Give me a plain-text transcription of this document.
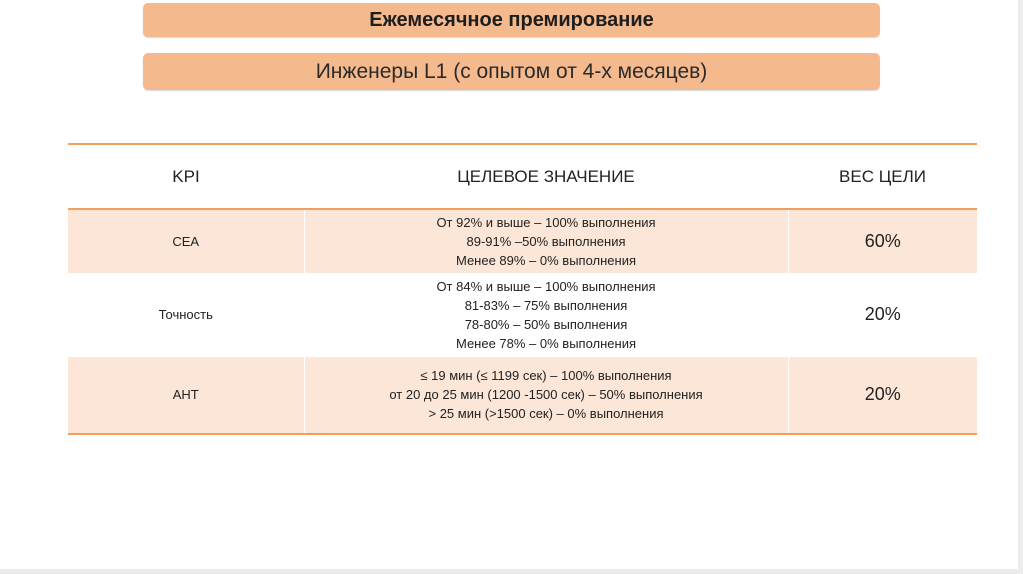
Ежемесячное премирование
Инженеры L1 (с опытом от 4-х месяцев)
KPI	ЦЕЛЕВОЕ ЗНАЧЕНИЕ	ВЕС ЦЕЛИ
CEA	От 92% и выше – 100% выполнения
89-91% –50% выполнения
Менее 89% – 0% выполнения	60%
Точность	От 84% и выше – 100% выполнения
81-83% – 75% выполнения
78-80% – 50% выполнения
Менее 78% – 0% выполнения	20%
AHT	≤ 19 мин (≤ 1199 сек) – 100% выполнения
от 20 до 25 мин (1200 -1500 сек) – 50% выполнения
> 25 мин (>1500 сек) – 0% выполнения	20%
